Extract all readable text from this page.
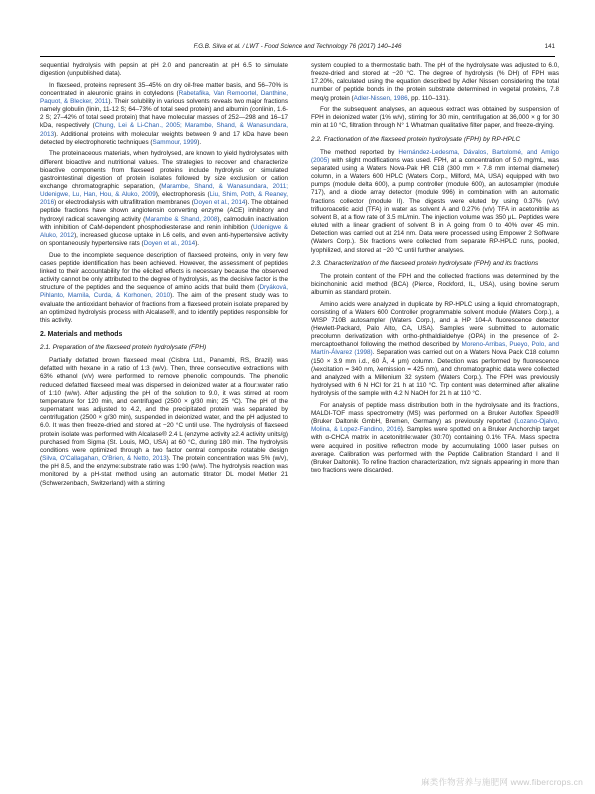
F.G.B. Silva et al. / LWT - Food Science and Technology 76 (2017) 140–146	141

sequential hydrolysis with pepsin at pH 2.0 and pancreatin at pH 6.5 to simulate digestion (unpublished data).

In flaxseed, proteins represent 35–45% on dry oil-free matter basis, and 56–70% is concentrated in aleuronic grains in cotyledons (Rabetafika, Van Remoortel, Danthine, Paquot, & Blecker, 2011). Their solubility in various solvents reveals two major fractions namely globulin (linin, 11-12 S; 64–73% of total seed protein) and albumin (conlinin, 1.6-2 S; 27–42% of total seed protein) that have molecular masses of 252—298 and 16–17 kDa, respectively (Chung, Lei & Li-Chan., 2005; Marambe, Shand, & Wanasundara, 2013). Additional proteins with molecular weights between 9 and 17 kDa have been detected by electrophoretic techniques (Sammour, 1999).

The proteinaceous materials, when hydrolysed, are known to yield hydrolysates with different bioactive and nutritional values. The strategies to recover and characterize bioactive components from flaxseed proteins include hydrolysis or simulated gastrointestinal digestion of protein isolates followed by size exclusion or cation exchange chromatographic separation, (Marambe, Shand, & Wanasundara, 2011; Udenigwe, Lu, Han, Hou, & Aluko, 2009), electrophoresis (Liu, Shim, Poth, & Reaney, 2016) or electrodialysis with ultrafiltration membranes (Doyen et al., 2014). The obtained peptide fractions have shown angiotensin converting enzyme (ACE) inhibitory and hydroxyl radical scavenging activity (Marambe & Shand, 2008), calmodulin inactivation with inhibition of CaM-dependent phosphodiesterase and renin inhibition (Udenigwe & Aluko, 2012), increased glucose uptake in L6 cells, and even anti-hypertensive activity on spontaneously hypertensive rats (Doyen et al., 2014).

Due to the incomplete sequence description of flaxseed proteins, only in very few cases peptide identification has been achieved. However, the assessment of peptides linked to their accountability for the elicited effects is necessary because the observed activity cannot be only attributed to the degree of hydrolysis, as the decisive factor is the structure of the peptides and the sequence of amino acids that build them (Dryáková, Pihlanto, Marnila, Curda, & Korhonen, 2010). The aim of the present study was to evaluate the antioxidant behavior of fractions from a flaxseed protein isolate prepared by an optimized hydrolysis process with Alcalase®, and to identify peptides responsible for this activity.

2. Materials and methods
2.1. Preparation of the flaxseed protein hydrolysate (FPH)

Partially defatted brown flaxseed meal (Cisbra Ltd., Panambi, RS, Brazil) was defatted with hexane in a ratio of 1:3 (w/v). Then, three consecutive extractions with 63% ethanol (v/v) were performed to remove phenolic compounds. The phenolic reduced defatted flaxseed meal was dispersed in deionized water at a flour:water ratio of 1:10 (w/w). After adjusting the pH of the solution to 9.0, it was stirred at room temperature for 120 min, and centrifuged (2500 × g/30 min; 25 °C). The pH of the supernatant was adjusted to 4.2, and the precipitated protein was separated by centrifugation (2500 × g/30 min), suspended in deionized water, and the pH adjusted to 6.0. It was then freeze-dried and stored at −20 °C until use. The hydrolysis of flaxseed protein isolate was performed with Alcalase® 2.4 L (enzyme activity ≥2.4 activity units/g) purchased from Sigma (St. Louis, MO, USA) at 60 °C, during 180 min. The hydrolysis conditions were optimized through a two factor central composite rotatable design (Silva, O'Callagahan, O'Brien, & Netto, 2013). The protein concentration was 5% (w/v), the pH 8.5, and the enzyme:substrate ratio was 1:90 (w/w). The hydrolysis reaction was monitored by a pH-stat method using an automatic titrator DL model Metler 21 (Schwerzenbach, Switzerland) with a stirring

system coupled to a thermostatic bath. The pH of the hydrolysate was adjusted to 6.0, freeze-dried and stored at −20 °C. The degree of hydrolysis (% DH) of FPH was 17.20%, calculated using the equation described by Adler Nissen considering the total number of peptide bonds in the protein substrate determined in vegetal proteins, 7.8 meq/g protein (Adler-Nissen, 1986, pp. 110–131).

For the subsequent analyses, an aqueous extract was obtained by suspension of FPH in deionized water (1% w/v), stirring for 30 min, centrifugation at 36,000 × g for 30 min at 10 °C, filtration through N° 1 Whatman qualitative filter paper, and freeze-drying.

2.2. Fractionation of the flaxseed protein hydrolysate (FPH) by RP-HPLC

The method reported by Hernández-Ledesma, Dávalos, Bartolomé, and Amigo (2005) with slight modifications was used. FPH, at a concentration of 5.0 mg/mL, was separated using a Waters Nova-Pak HR C18 (300 mm × 7.8 mm internal diameter) column, in a Waters 600 HPLC (Waters Corp., Milford, MA, USA) equipped with two pumps (module delta 600), a pump controller (module 600), an autosampler (module 717), and a diode array detector (module 996) in combination with an automatic fractions collector (module II). The digests were eluted by using 0.37% (v/v) trifluoroacetic acid (TFA) in water as solvent A and 0.27% (v/v) TFA in acetonitrile as solvent B, at a flow rate of 3.5 mL/min. The injection volume was 350 μL. Peptides were eluted with a linear gradient of solvent B in A going from 0 to 40% over 45 min. Detection was carried out at 214 nm. Data were processed using Empower 2 Software (Waters Corp.). Six fractions were collected from separate RP-HPLC runs, pooled, lyophilized, and stored at −20 °C until further analyses.

2.3. Characterization of the flaxseed protein hydrolysate (FPH) and its fractions

The protein content of the FPH and the collected fractions was determined by the bicinchoninic acid method (BCA) (Pierce, Rockford, IL, USA), using bovine serum albumin as standard protein.

Amino acids were analyzed in duplicate by RP-HPLC using a liquid chromatograph, consisting of a Waters 600 Controller programmable solvent module (Waters Corp.), a WISP 710B autosampler (Waters Corp.), and a HP 104-A fluorescence detector (Hewlett-Packard, Palo Alto, CA, USA). Samples were submitted to automatic precolumn derivatization with ortho-phthaldialdehye (OPA) in the presence of 2-mercaptoethanol following the method described by Moreno-Arribas, Pueyo, Polo, and Martín-Álvarez (1998). Separation was carried out on a Waters Nova Pack C18 column (150 × 3.9 mm i.d., 60 Å, 4 μm) column. Detection was performed by fluorescence (λexcitation = 340 nm, λemission = 425 nm), and chromatographic data were collected and analyzed with a Millenium 32 system (Waters Corp.). The FPH was previously hydrolysed with 6 N HCl for 21 h at 110 °C. Trp content was determined after alkaline hydrolysis of the sample with 4.2 N NaOH for 21 h at 110 °C.

For analysis of peptide mass distribution both in the hydrolysate and its fractions, MALDI-TOF mass spectrometry (MS) was performed on a Bruker Autoflex Speed® (Bruker Daltonik GmbH, Bremen, Germany) as previously reported (Lozano-Ojalvo, Molina, & Lopez-Fandino, 2016). Samples were spotted on a Bruker Anchorchip target with α-CHCA matrix in acetonitrile:water (30:70) containing 0.1% TFA. Mass spectra were acquired in positive reflectron mode by accumulating 1000 laser pulses on average. Calibration was performed with the Peptide Calibration Standard I and II (Bruker Daltonik). To refine fraction characterization, m/z signals appearing in more than two fractions were discarded.

麻类作物营养与施肥网 www.fibercrops.cn
